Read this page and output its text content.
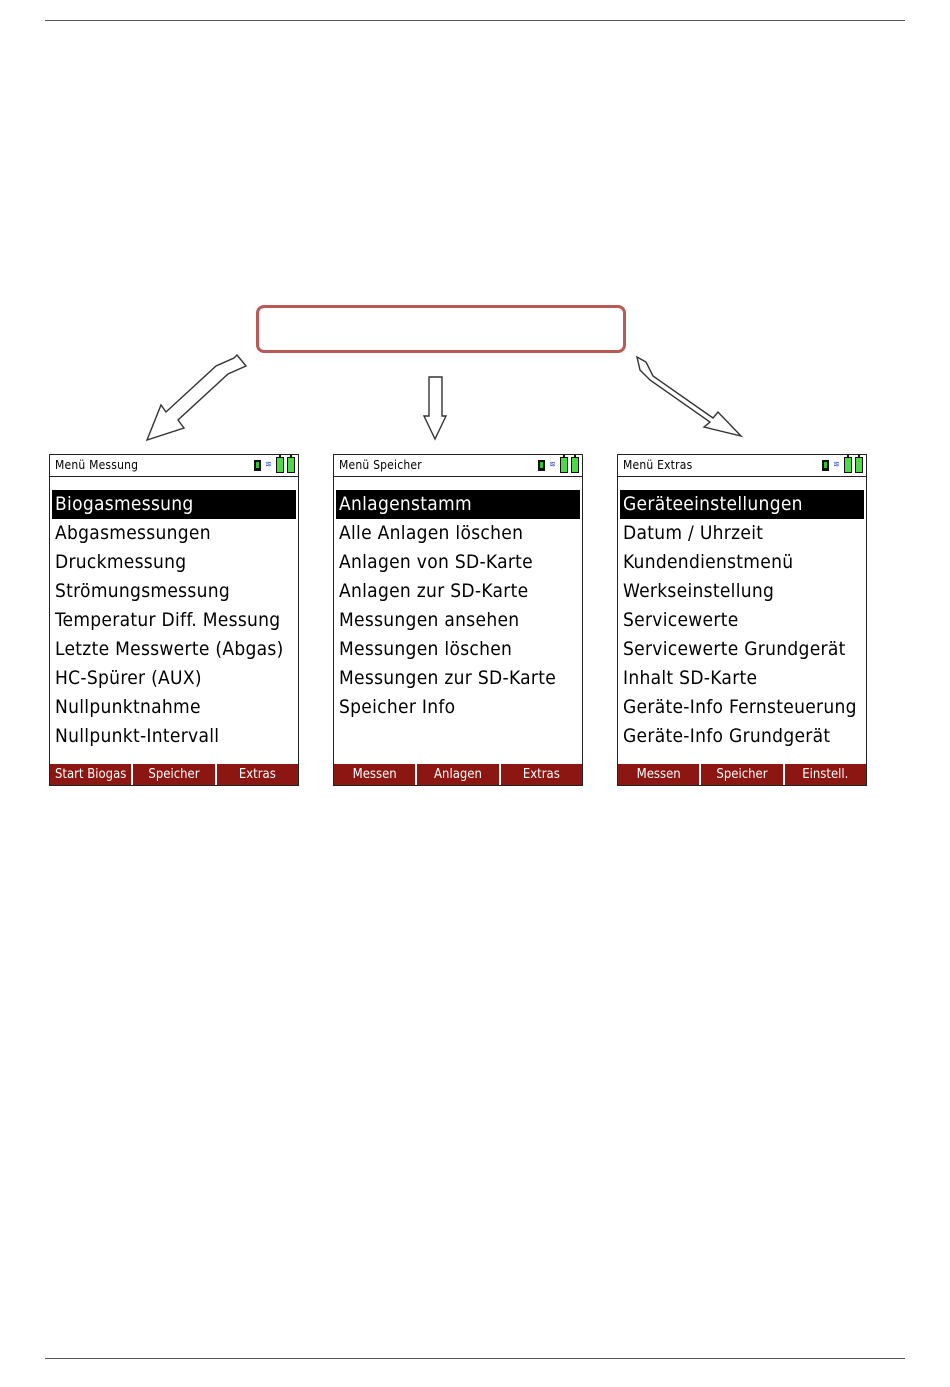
Menü Messung	≋
Biogasmessung
Abgasmessungen
Druckmessung
Strömungsmessung
Temperatur Diff. Messung
Letzte Messwerte (Abgas)
HC-Spürer (AUX)
Nullpunktnahme
Nullpunkt-Intervall
Start Biogas	Speicher	Extras
Menü Speicher	≋
Anlagenstamm
Alle Anlagen löschen
Anlagen von SD-Karte
Anlagen zur SD-Karte
Messungen ansehen
Messungen löschen
Messungen zur SD-Karte
Speicher Info
Messen	Anlagen	Extras
Menü Extras	≋
Geräteeinstellungen
Datum / Uhrzeit
Kundendienstmenü
Werkseinstellung
Servicewerte
Servicewerte Grundgerät
Inhalt SD-Karte
Geräte-Info Fernsteuerung
Geräte-Info Grundgerät
Messen	Speicher	Einstell.
